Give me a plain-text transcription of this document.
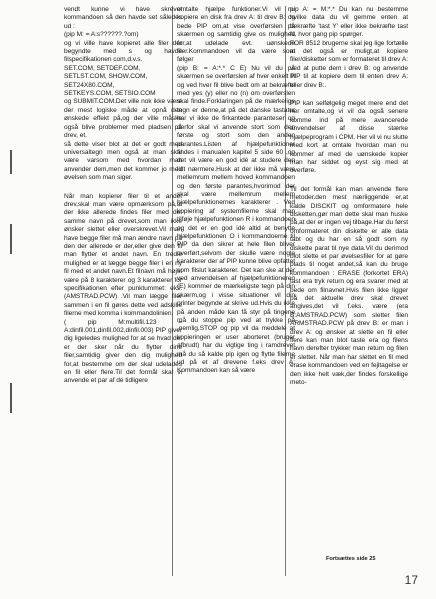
vendt kunne vi have skrevet kommandoen så den havde set således ud :
(pip M: = A:s??????.?om)
og vi ville have kopieret alle filer der begyndte med s og havde filspecifikationen com,d.v.s.
SET.COM, SETDEF.COM,
SETLST.COM, SHOW.COM,
SET24X80.COM,
SETKEYS.COM, SETSIO.COM
og SUBMIT.COM.Det ville nok ikke være der mest logiske måde at opnå den ønskede effekt på,og der ville måske også blive problemer med pladsen på drev, et.
så dette viser blot at det er godt med universaltegn men også at man skal være varsom med hvordan man anvender dem,men det kommer jo med øvelsen som man siger.

Når man kopierer filer til et andet drev,skal man være opmærksom på,at der ikke allerede findes filer med det samme navn på drevet,som man ikke ønsker slettet eller overskrevet.Vil man have begge filer må man ændre navn på den der allerede er der,eller give den fil man flytter et andet navn. En tredie mulighed er at lægge begge filer i en ny fil med et andet navn.Et filnavn må højst være på 8 karakterer og 3 karakterer for specifikationen efter punktummet: eks. (AMSTRAD.PCW) .Vil man lægge filer sammen i en fil gøres dette ved adskille filerne med komma i kommandolinien.
( pip M:multifil.123 = A:dinfil.001,dinfil.002,dinfil.003) PIP giver dig ligeledes mulighed for at se hvad det er der sker når du flytter dine filer,samtidig giver den dig mulighed for,at bestemme om der skal udelades en fil eller flere.Til det formål skal vi anvende et par af de tidligere

omtalte hjælpe funktioner.Vi vil nu kopiere en disk fra drev A: til drev B: og bede PIP om,at vise overførslen på skærmen og samtidig give os mulighed for,at udelade evt. uønskede filer.Kommandoen vil da være som følger
(pip B: = A:*.* C E) Nu vil du på skærmen se overførslen af hver enkelt fil og ved hver fil blive bedt om at bekræfte med yes (y) eller no (n) om overførslen skal finde.Forklaringen på de mærkelige tegn er denne,at på det danske tastatur har vi ikke de firkantede paranteser og derfor skal vi anvende stort som den første og stort som den anden parantes.Listen af hjælpefunktioner findes i manualen kapitel 5 side 60 ,og det vil være en god idé at studere den lidt nærmere.Husk at der ikke må være mellemrum mellem hoved kommandoen og den første parantes,hvorimod der skal være mellemrum mellem hjælpefunktionernes karakterer . Ved kopiering af systemfilerne skal man tilføje hjælpefunktionen R i kommandoen og det er en god idé altid at benytte hjælpefunktionen O i kommandoerne til PIP da den sikrer at hele filen bliver overført,selvom der skulle være nogle karakterer der af PIP kunne blive opfattet som filslut karakterer. Det kan ske at der ved anvendelsen af hjælpefunktioneren (E) kommer de mærkeligste tegn på din skærm,og i visse situationer vil din printer begynde at skrive ud.Hvis du ikke på anden måde kan få styr på tingene må du stoppe pip ved at trykke på ,nemlig,STOP og pip vil da meddele at kopieringen er user aborteret (bruger afbrudt) har du vigtige ting i ramdrevet må du så kalde pip igen og flytte filerne ud på et af drevene f.eks drev A: Kommandoen kan så være

pip A: = M:*.* Du kan nu bestemme hvilke data du vil gemme enten at bekræfte 'tast Y' eller ikke bekræfte tast N, hvor gang pip spørger.
FOR 8512 brugerne skal jeg lige fortælle at det også er muligt,at kopiere filer/disketter som er formateret til drev A: ved at putte dem i drev B: og anvende PIP til at kopiere dem til enten drev A: eller drev B:.

PIP kan selfølgelig meget mere end det her omtalte,og vi vil da også senere komme ind på mere avancerede anvendelser af disse stærke hjælpeprogram i CPM. Her vil vi nu slutte med kort at omtale hvordan man nu kommer af med de uønskede kopier man har siddet og eyst sig med at overføre.

Til det formål kan man anvende flere metoder.den mest nærliggende er,at kalde DISCKIT og omformatere hele disketten,gør man dette skal man huske på,at der er ingen vej tilbage.Har du først omformateret din diskette er alle data tabt og du har en så godt som ny diskette parat til nye data.Vil du derimod blot slette et par øvelsesfiler for at gøre plads til noget andet,så kan du bruge kommandoen : ERASE (forkortet ERA) tast era tryk return og era svarer med at bede om filnavnet.Hvis filen ikke ligger på det aktuelle drev skal drevet angives,det vil f.eks. være (era B:AMSTRAD.PCW) som sletter filen ARMSTRAD.PCW på drev B: er man i drev A: og ønsker at slette en fil eller flere kan man blot taste era og filens navn derefter trykker man return og filen er slettet. Når man har slettet en fil med erase kommandoen ved en fejltagelse er den ikke helt væk,der findes forskellige meto-

Fortsættes side 25
17
